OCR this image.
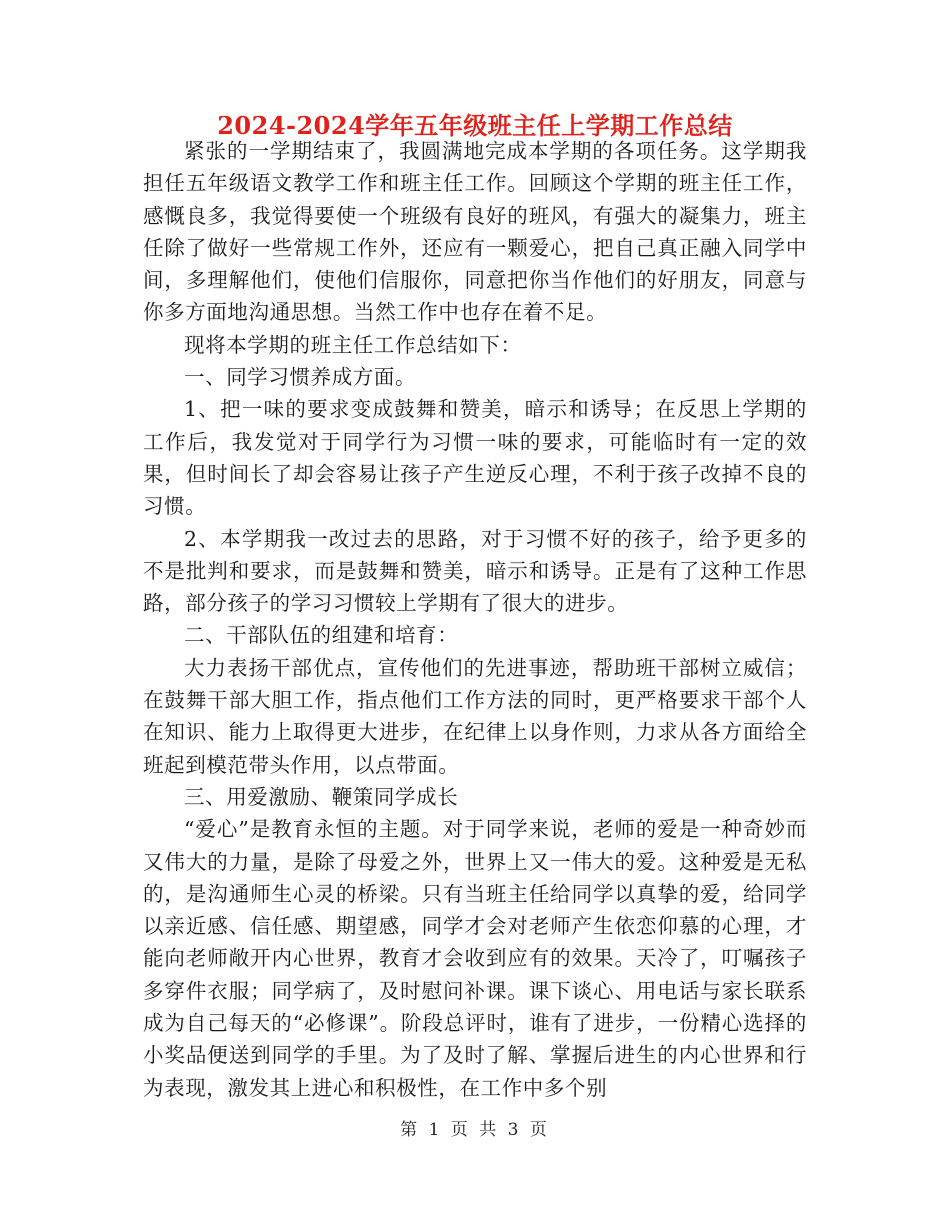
2024-2024学年五年级班主任上学期工作总结

紧张的一学期结束了，我圆满地完成本学期的各项任务。这学期我担任五年级语文教学工作和班主任工作。回顾这个学期的班主任工作，感慨良多，我觉得要使一个班级有良好的班风，有强大的凝集力，班主任除了做好一些常规工作外，还应有一颗爱心，把自己真正融入同学中间，多理解他们，使他们信服你，同意把你当作他们的好朋友，同意与你多方面地沟通思想。当然工作中也存在着不足。

现将本学期的班主任工作总结如下：

一、同学习惯养成方面。

1、把一味的要求变成鼓舞和赞美，暗示和诱导；在反思上学期的工作后，我发觉对于同学行为习惯一味的要求，可能临时有一定的效果，但时间长了却会容易让孩子产生逆反心理，不利于孩子改掉不良的习惯。

2、本学期我一改过去的思路，对于习惯不好的孩子，给予更多的不是批判和要求，而是鼓舞和赞美，暗示和诱导。正是有了这种工作思路，部分孩子的学习习惯较上学期有了很大的进步。

二、干部队伍的组建和培育：

大力表扬干部优点，宣传他们的先进事迹，帮助班干部树立威信；在鼓舞干部大胆工作，指点他们工作方法的同时，更严格要求干部个人在知识、能力上取得更大进步，在纪律上以身作则，力求从各方面给全班起到模范带头作用，以点带面。

三、用爱激励、鞭策同学成长

“爱心”是教育永恒的主题。对于同学来说，老师的爱是一种奇妙而又伟大的力量，是除了母爱之外，世界上又一伟大的爱。这种爱是无私的，是沟通师生心灵的桥梁。只有当班主任给同学以真挚的爱，给同学以亲近感、信任感、期望感，同学才会对老师产生依恋仰慕的心理，才能向老师敞开内心世界，教育才会收到应有的效果。天冷了，叮嘱孩子多穿件衣服；同学病了，及时慰问补课。课下谈心、用电话与家长联系成为自己每天的“必修课”。阶段总评时，谁有了进步，一份精心选择的小奖品便送到同学的手里。为了及时了解、掌握后进生的内心世界和行为表现，激发其上进心和积极性，在工作中多个别

第 1 页 共 3 页
